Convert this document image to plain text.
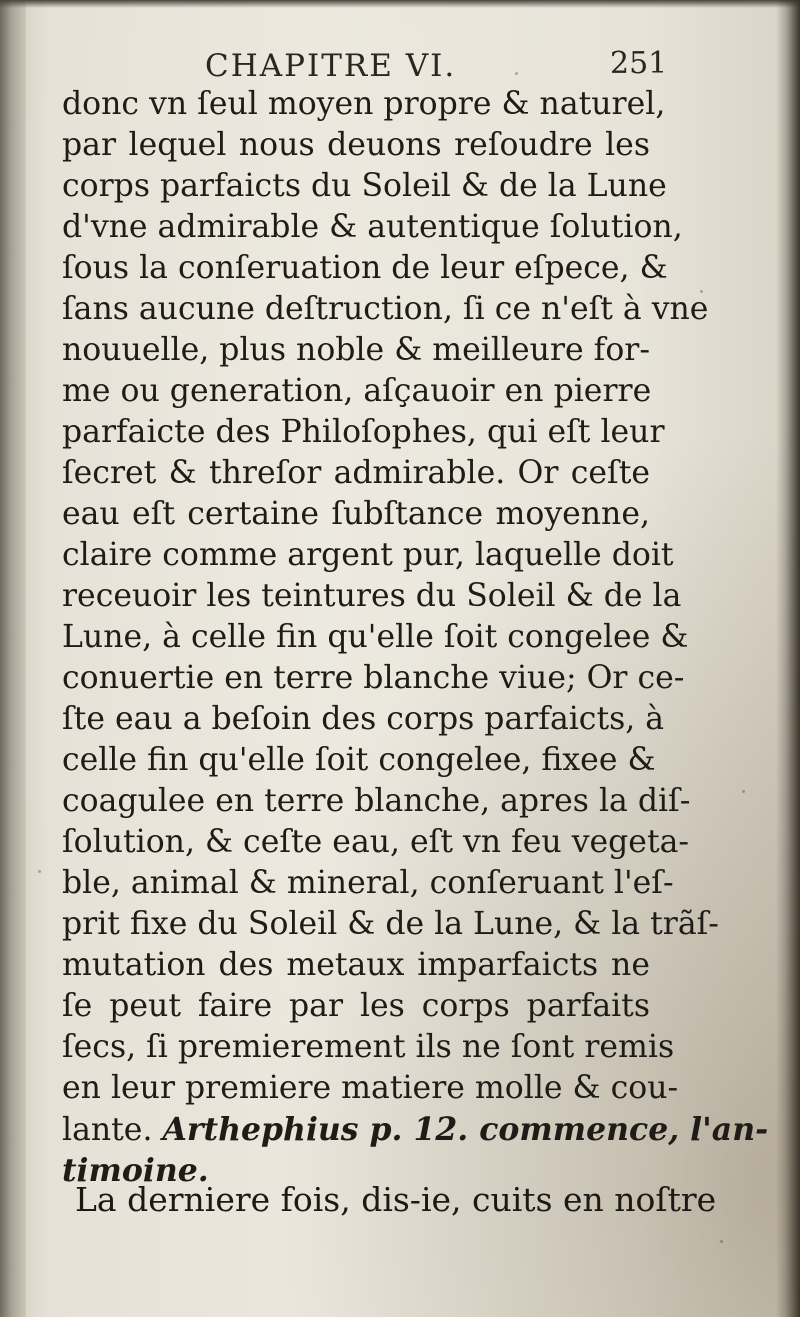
CHAPITRE VI.	251
donc vn ſeul moyen propre & naturel,
par lequel nous deuons reſoudre les
corps parfaicts du Soleil & de la Lune
d'vne admirable & autentique ſolution,
ſous la conſeruation de leur eſpece, &
ſans aucune deſtruction, ſi ce n'eſt à vne
nouuelle, plus noble & meilleure for-
me ou generation, aſçauoir en pierre
parfaicte des Philoſophes, qui eſt leur
ſecret & threſor admirable. Or ceſte
eau eſt certaine ſubſtance moyenne,
claire comme argent pur, laquelle doit
receuoir les teintures du Soleil & de la
Lune, à celle fin qu'elle ſoit congelee &
conuertie en terre blanche viue; Or ce-
ſte eau a beſoin des corps parfaicts, à
celle fin qu'elle ſoit congelee, fixee &
coagulee en terre blanche, apres la diſ-
ſolution, & ceſte eau, eſt vn feu vegeta-
ble, animal & mineral, conſeruant l'eſ-
prit fixe du Soleil & de la Lune, & la trãſ-
mutation des metaux imparfaicts ne
ſe peut faire par les corps parfaits
ſecs, ſi premierement ils ne ſont remis
en leur premiere matiere molle & cou-
lante. Arthephius p. 12. commence, l'an-
timoine.
La derniere fois, dis-ie, cuits en noſtre
